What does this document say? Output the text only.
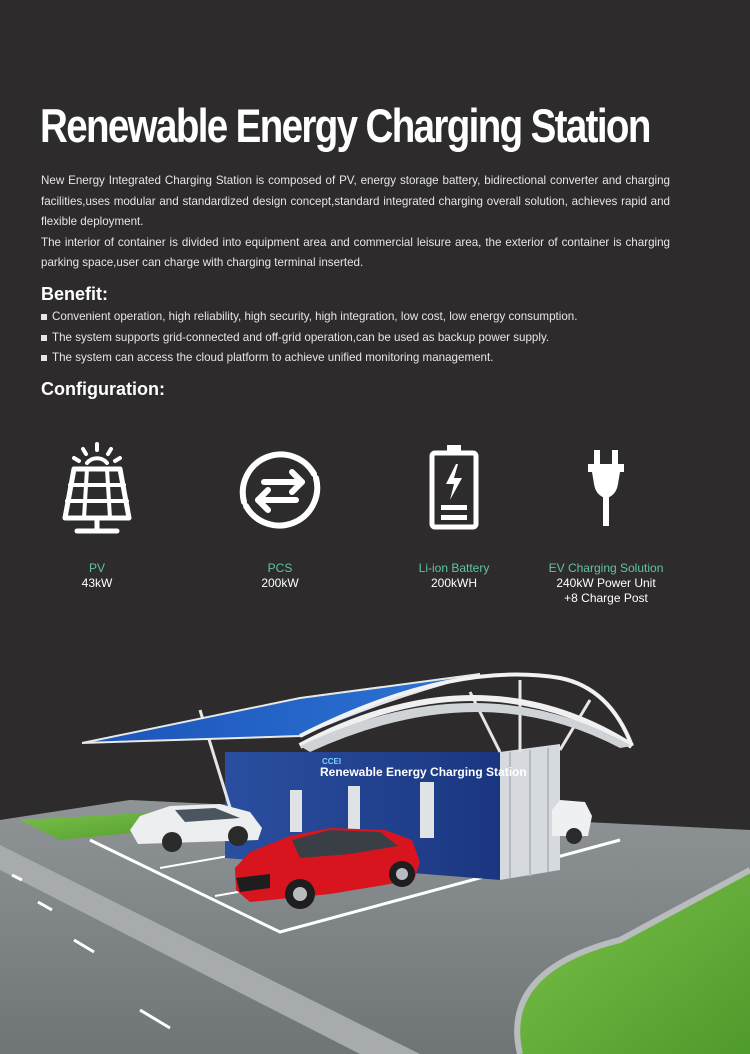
Renewable Energy Charging Station

New Energy Integrated Charging Station is composed of PV, energy storage battery, bidirectional converter and charging facilities,uses modular and standardized design concept,standard integrated charging overall solution, achieves rapid and flexible deployment.

The interior of container is divided into equipment area and commercial leisure area, the exterior of container is charging parking space,user can charge with charging terminal inserted.

Benefit:
Convenient operation, high reliability, high security, high integration, low cost, low energy consumption.
The system supports grid-connected and off-grid operation,can be used as backup power supply.
The system can access the cloud platform to achieve unified monitoring management.
Configuration:
PV
43kW
PCS
200kW
Li-ion Battery
200kWH
EV Charging Solution
240kW Power Unit
+8 Charge Post
Renewable Energy Charging Station
CCEI
